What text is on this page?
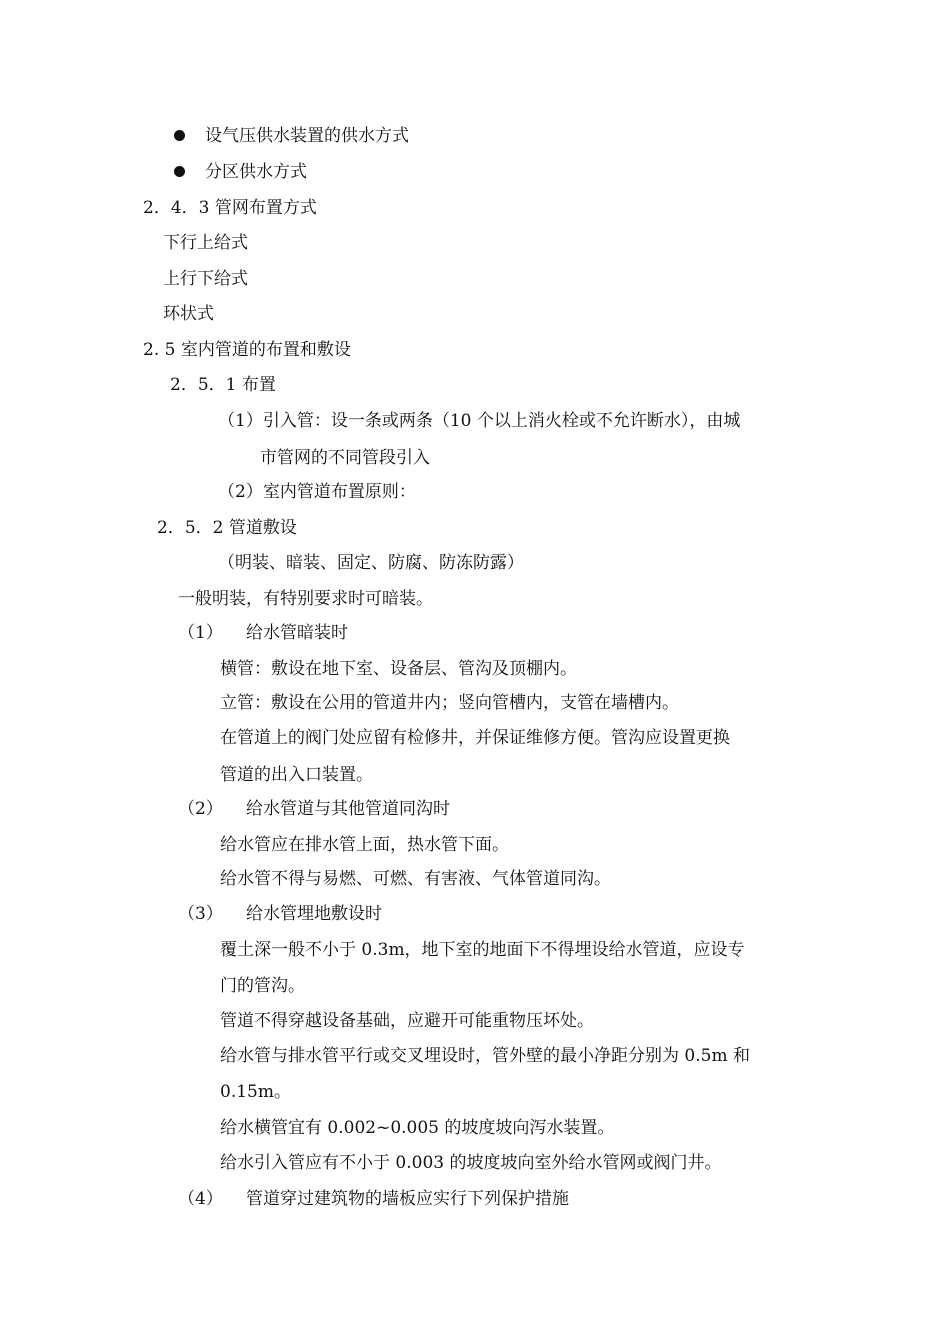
设气压供水装置的供水方式

分区供水方式

2．4．3 管网布置方式

下行上给式

上行下给式

环状式

2. 5 室内管道的布置和敷设

2．5．1 布置

（1）引入管：设一条或两条（10 个以上消火栓或不允许断水），由城

市管网的不同管段引入

（2）室内管道布置原则：

2．5．2 管道敷设

（明装、暗装、固定、防腐、防冻防露）

一般明装，有特别要求时可暗装。

（1） 给水管暗装时

横管：敷设在地下室、设备层、管沟及顶棚内。

立管：敷设在公用的管道井内；竖向管槽内，支管在墙槽内。

在管道上的阀门处应留有检修井，并保证维修方便。管沟应设置更换

管道的出入口装置。

（2） 给水管道与其他管道同沟时

给水管应在排水管上面，热水管下面。

给水管不得与易燃、可燃、有害液、气体管道同沟。

（3） 给水管埋地敷设时

覆土深一般不小于 0.3m，地下室的地面下不得埋设给水管道，应设专

门的管沟。

管道不得穿越设备基础，应避开可能重物压坏处。

给水管与排水管平行或交叉埋设时，管外壁的最小净距分别为 0.5m 和

0.15m。

给水横管宜有 0.002~0.005 的坡度坡向泻水装置。

给水引入管应有不小于 0.003 的坡度坡向室外给水管网或阀门井。

（4） 管道穿过建筑物的墙板应实行下列保护措施
